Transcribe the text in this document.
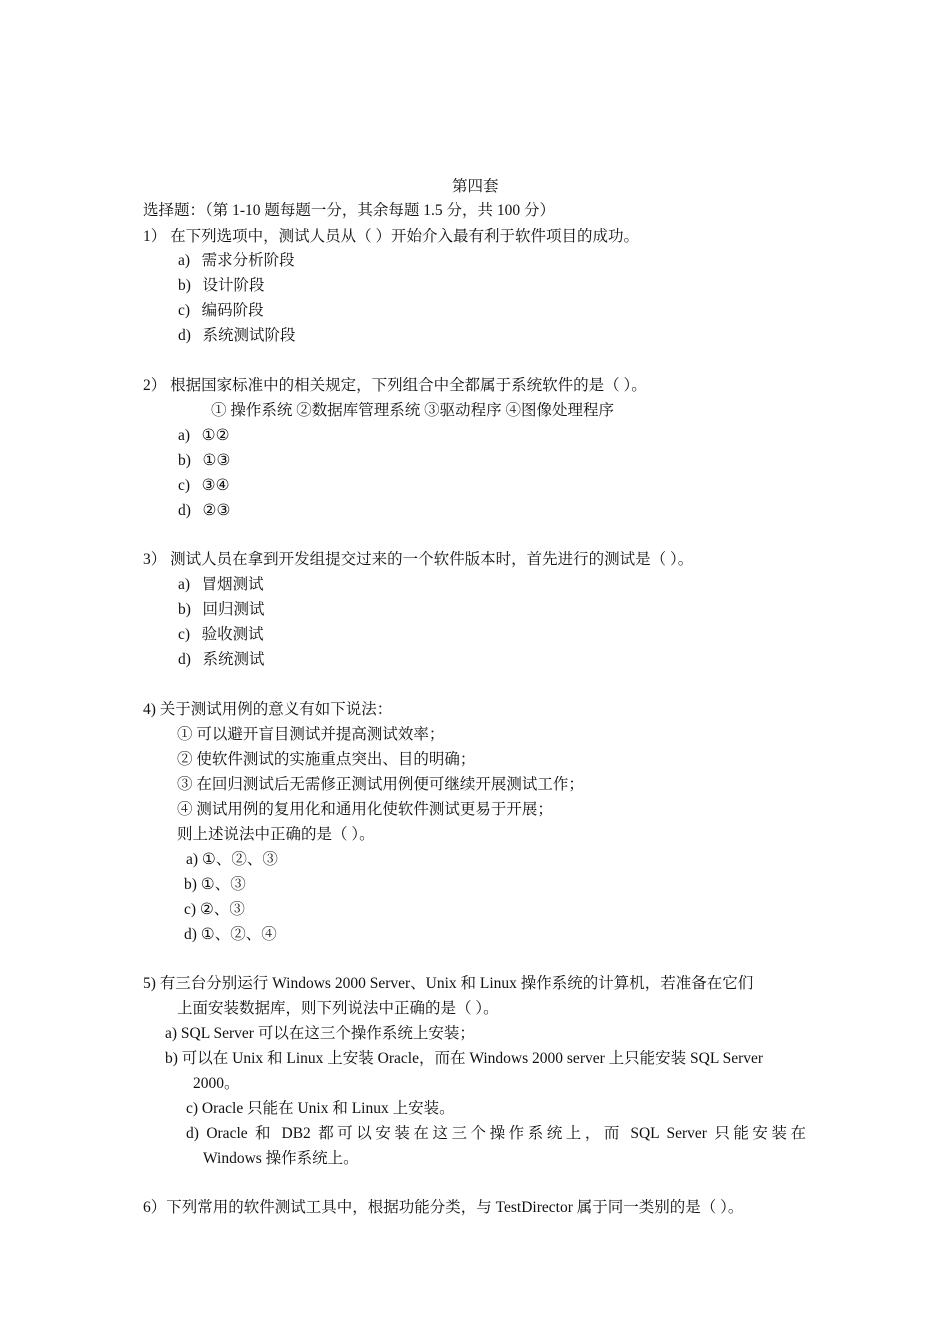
第四套
选择题：（第 1-10 题每题一分，其余每题 1.5 分，共 100 分）
1） 在下列选项中，测试人员从（ ）开始介入最有利于软件项目的成功。
a) 需求分析阶段
b) 设计阶段
c) 编码阶段
d) 系统测试阶段
2） 根据国家标准中的相关规定，下列组合中全都属于系统软件的是（ ）。
① 操作系统 ②数据库管理系统 ③驱动程序 ④图像处理程序
a) ①②
b) ①③
c) ③④
d) ②③
3） 测试人员在拿到开发组提交过来的一个软件版本时，首先进行的测试是（ ）。
a) 冒烟测试
b) 回归测试
c) 验收测试
d) 系统测试
4) 关于测试用例的意义有如下说法：
① 可以避开盲目测试并提高测试效率；
② 使软件测试的实施重点突出、目的明确；
③ 在回归测试后无需修正测试用例便可继续开展测试工作；
④ 测试用例的复用化和通用化使软件测试更易于开展；
则上述说法中正确的是（ ）。
a) ①、②、③
b) ①、③
c) ②、③
d) ①、②、④
5) 有三台分别运行 Windows 2000 Server、Unix 和 Linux 操作系统的计算机，若准备在它们
上面安装数据库，则下列说法中正确的是（ ）。
a) SQL Server 可以在这三个操作系统上安装；
b) 可以在 Unix 和 Linux 上安装 Oracle，而在 Windows 2000 server 上只能安装 SQL Server
2000。
c) Oracle 只能在 Unix 和 Linux 上安装。
d) Oracle 和 DB2 都可以安装在这三个操作系统上，而 SQL Server 只能安装在
Windows 操作系统上。
6）下列常用的软件测试工具中，根据功能分类，与 TestDirector 属于同一类别的是（ ）。
